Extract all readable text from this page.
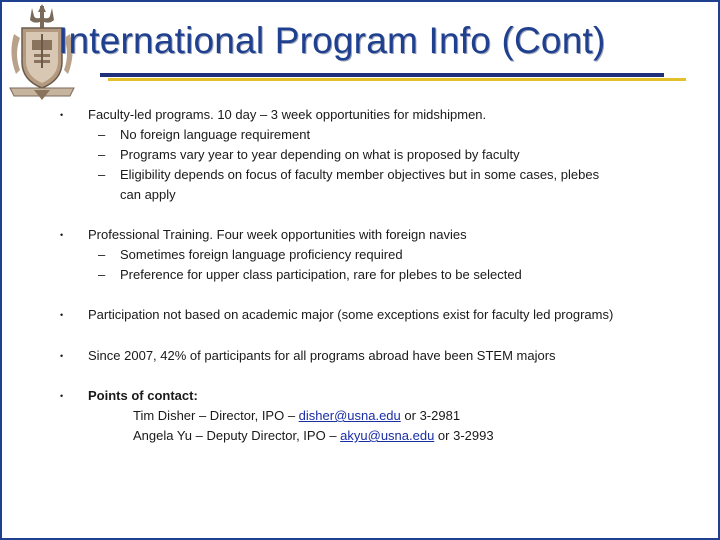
International Program Info (Cont)
•	Faculty-led programs. 10 day – 3 week opportunities for midshipmen.
– No foreign language requirement
– Programs vary year to year depending on what is proposed by faculty
– Eligibility depends on focus of faculty member objectives but in some cases, plebes can apply
•	Professional Training. Four week opportunities with foreign navies
– Sometimes foreign language proficiency required
– Preference for upper class participation, rare for plebes to be selected
•	Participation not based on academic major (some exceptions exist for faculty led programs)
•	Since 2007, 42% of participants for all programs abroad have been STEM majors
•	Points of contact:
Tim Disher – Director, IPO – disher@usna.edu or 3-2981
Angela Yu – Deputy Director, IPO – akyu@usna.edu or 3-2993
